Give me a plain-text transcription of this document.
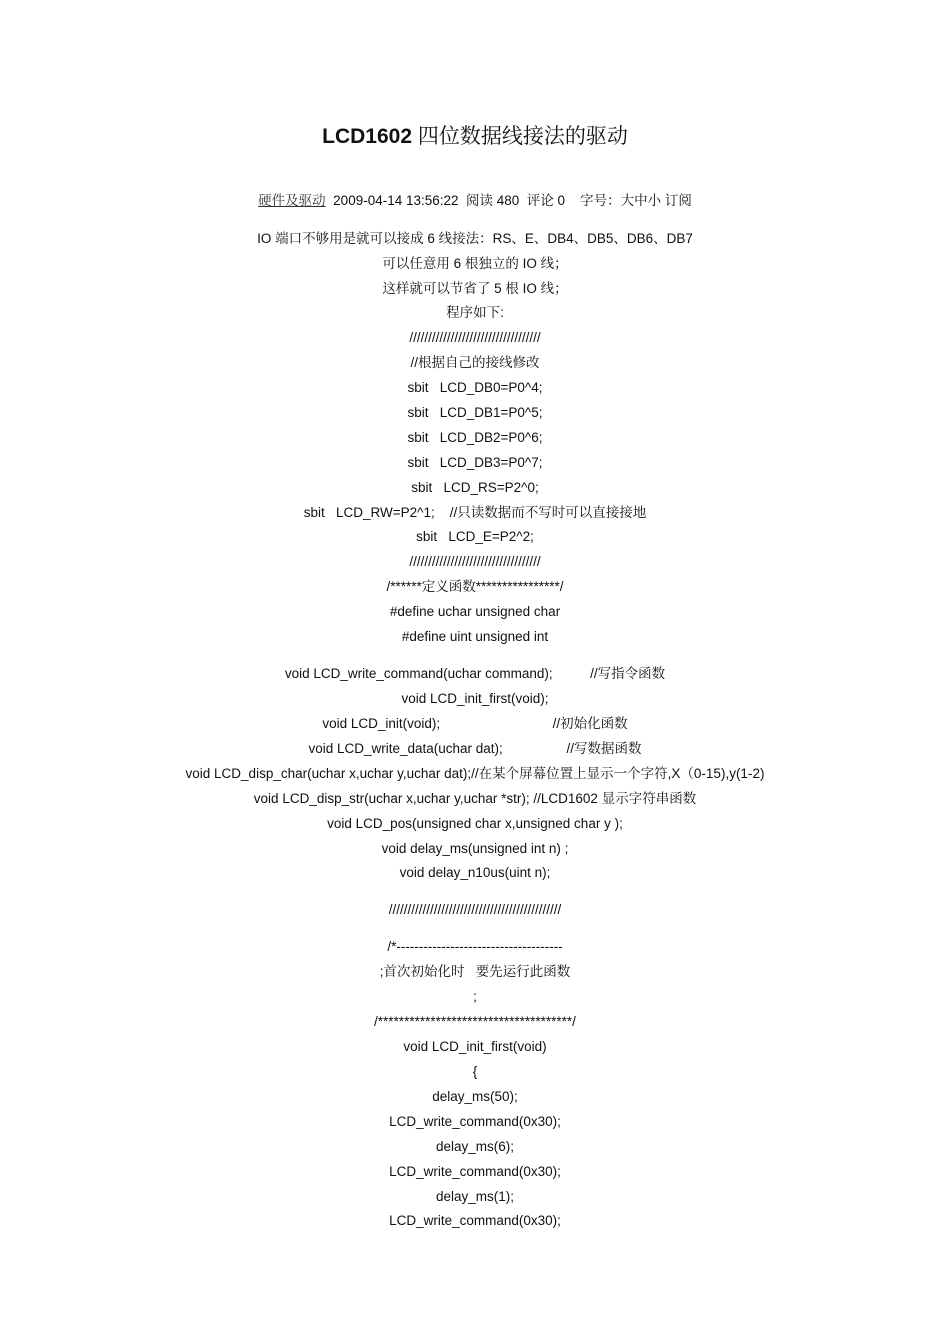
LCD1602 四位数据线接法的驱动
硬件及驱动  2009-04-14 13:56:22  阅读 480  评论 0    字号：大中小 订阅
IO 端口不够用是就可以接成 6 线接法：RS、E、DB4、DB5、DB6、DB7
可以任意用 6 根独立的 IO 线；
这样就可以节省了 5 根 IO 线；
程序如下:
///////////////////////////////////
//根据自己的接线修改
sbit   LCD_DB0=P0^4;
sbit   LCD_DB1=P0^5;
sbit   LCD_DB2=P0^6;
sbit   LCD_DB3=P0^7;
sbit   LCD_RS=P2^0;
sbit   LCD_RW=P2^1;    //只读数据而不写时可以直接接地
sbit   LCD_E=P2^2;
///////////////////////////////////
/******定义函数****************/
#define uchar unsigned char
#define uint unsigned int
void LCD_write_command(uchar command);          //写指令函数
void LCD_init_first(void);
void LCD_init(void);                              //初始化函数
void LCD_write_data(uchar dat);                 //写数据函数
void LCD_disp_char(uchar x,uchar y,uchar dat);//在某个屏幕位置上显示一个字符,X（0-15),y(1-2)
void LCD_disp_str(uchar x,uchar y,uchar *str); //LCD1602 显示字符串函数
void LCD_pos(unsigned char x,unsigned char y );
void delay_ms(unsigned int n) ;
void delay_n10us(uint n);
//////////////////////////////////////////////
/*-------------------------------------
;首次初始化时   要先运行此函数
;
/*************************************/
void LCD_init_first(void)
{
delay_ms(50);
LCD_write_command(0x30);
delay_ms(6);
LCD_write_command(0x30);
delay_ms(1);
LCD_write_command(0x30);
